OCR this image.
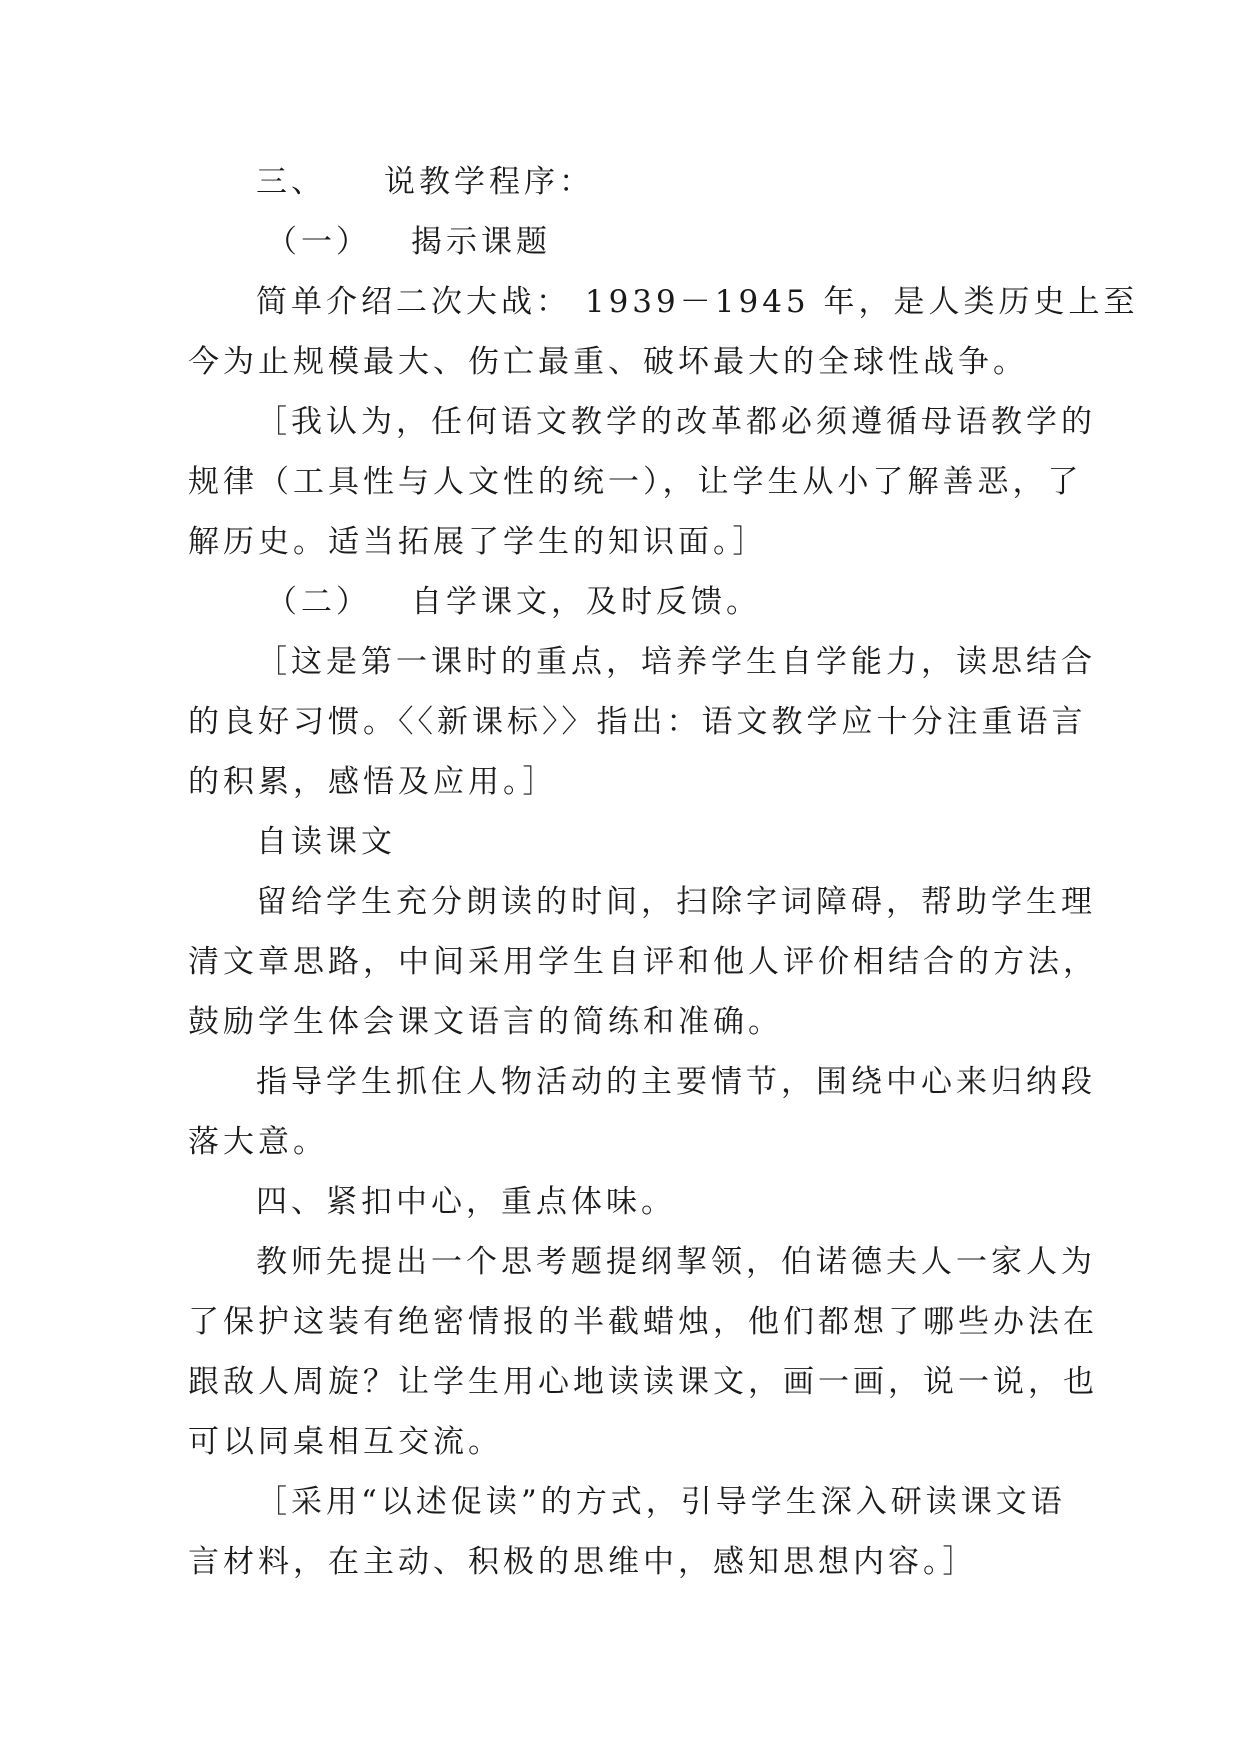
三、 说教学程序：
（一） 揭示课题
简单介绍二次大战： 1939－1945 年，是人类历史上至
今为止规模最大、伤亡最重、破坏最大的全球性战争。
［我认为，任何语文教学的改革都必须遵循母语教学的
规律（工具性与人文性的统一），让学生从小了解善恶，了
解历史。适当拓展了学生的知识面。］
（二） 自学课文，及时反馈。
［这是第一课时的重点，培养学生自学能力，读思结合
的良好习惯。〈〈新课标〉〉指出：语文教学应十分注重语言
的积累，感悟及应用。］
自读课文
留给学生充分朗读的时间，扫除字词障碍，帮助学生理
清文章思路，中间采用学生自评和他人评价相结合的方法，
鼓励学生体会课文语言的简练和准确。
指导学生抓住人物活动的主要情节，围绕中心来归纳段
落大意。
四、紧扣中心，重点体味。
教师先提出一个思考题提纲挈领，伯诺德夫人一家人为
了保护这装有绝密情报的半截蜡烛，他们都想了哪些办法在
跟敌人周旋？让学生用心地读读课文，画一画，说一说，也
可以同桌相互交流。
［采用“以述促读”的方式，引导学生深入研读课文语
言材料，在主动、积极的思维中，感知思想内容。］
